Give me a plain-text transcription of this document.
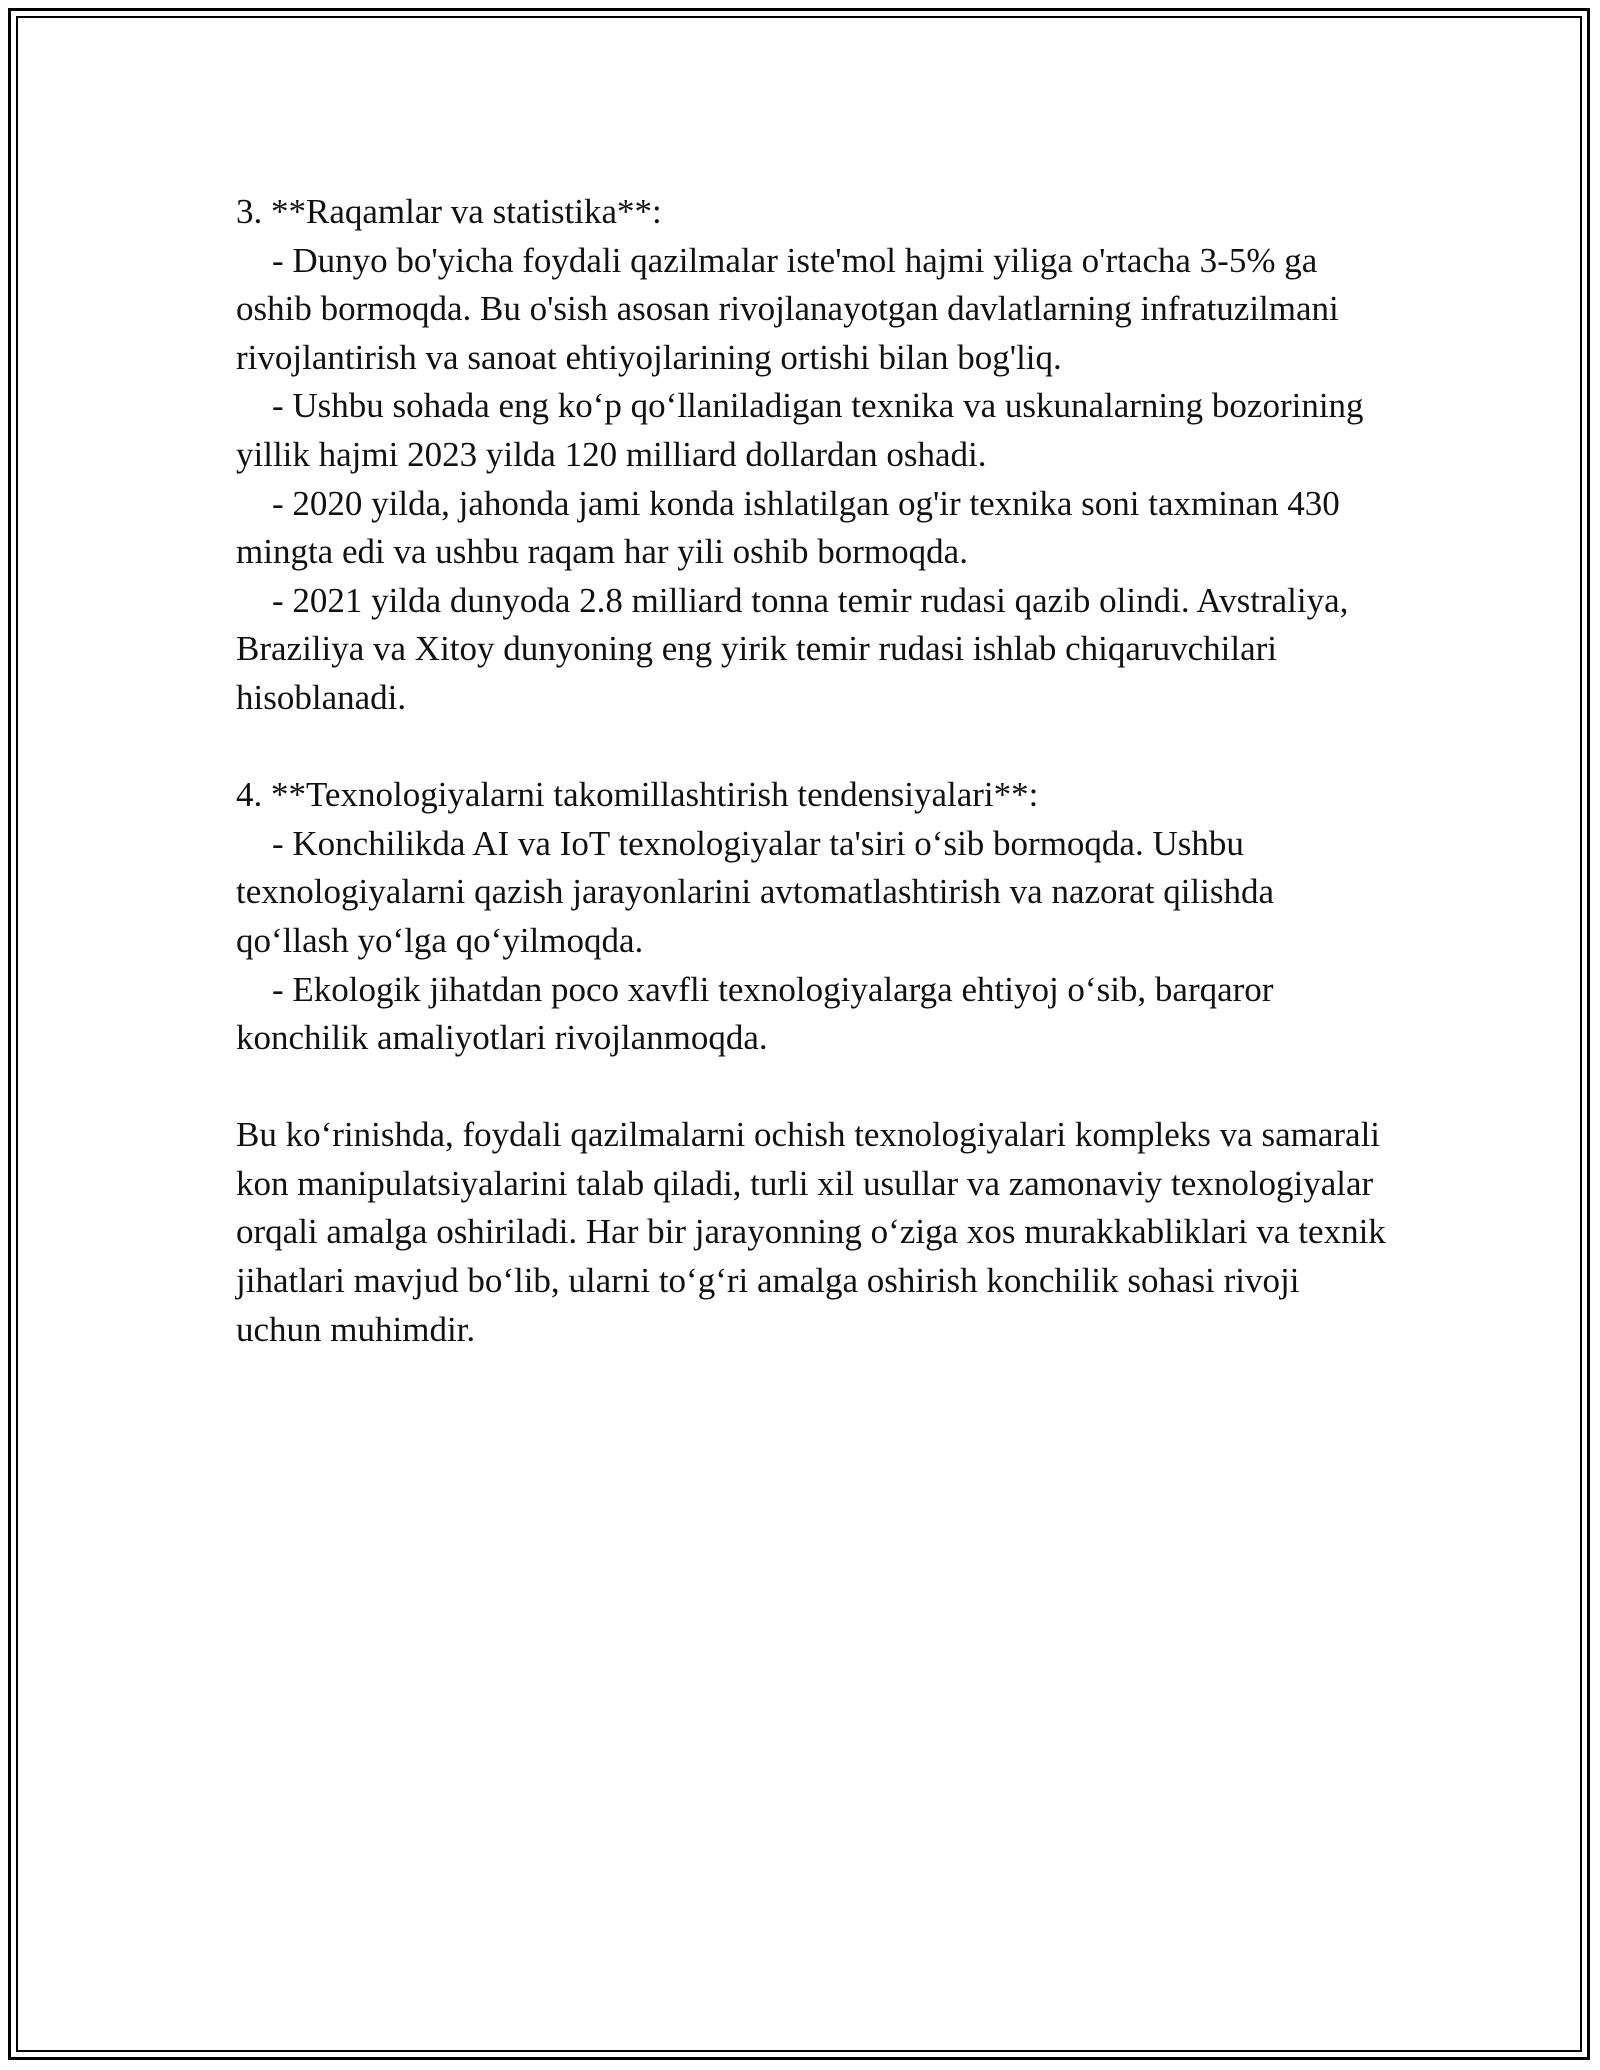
3. **Raqamlar va statistika**:
- Dunyo bo'yicha foydali qazilmalar iste'mol hajmi yiliga o'rtacha 3-5% ga oshib bormoqda. Bu o'sish asosan rivojlanayotgan davlatlarning infratuzilmani rivojlantirish va sanoat ehtiyojlarining ortishi bilan bog'liq.
- Ushbu sohada eng ko‘p qo‘llaniladigan texnika va uskunalarning bozorining yillik hajmi 2023 yilda 120 milliard dollardan oshadi.
- 2020 yilda, jahonda jami konda ishlatilgan og'ir texnika soni taxminan 430 mingta edi va ushbu raqam har yili oshib bormoqda.
- 2021 yilda dunyoda 2.8 milliard tonna temir rudasi qazib olindi. Avstraliya, Braziliya va Xitoy dunyoning eng yirik temir rudasi ishlab chiqaruvchilari hisoblanadi.
4. **Texnologiyalarni takomillashtirish tendensiyalari**:
- Konchilikda AI va IoT texnologiyalar ta'siri o‘sib bormoqda. Ushbu texnologiyalarni qazish jarayonlarini avtomatlashtirish va nazorat qilishda qo‘llash yo‘lga qo‘yilmoqda.
- Ekologik jihatdan poco xavfli texnologiyalarga ehtiyoj o‘sib, barqaror konchilik amaliyotlari rivojlanmoqda.
Bu ko‘rinishda, foydali qazilmalarni ochish texnologiyalari kompleks va samarali kon manipulatsiyalarini talab qiladi, turli xil usullar va zamonaviy texnologiyalar orqali amalga oshiriladi. Har bir jarayonning o‘ziga xos murakkabliklari va texnik jihatlari mavjud bo‘lib, ularni to‘g‘ri amalga oshirish konchilik sohasi rivoji uchun muhimdir.
